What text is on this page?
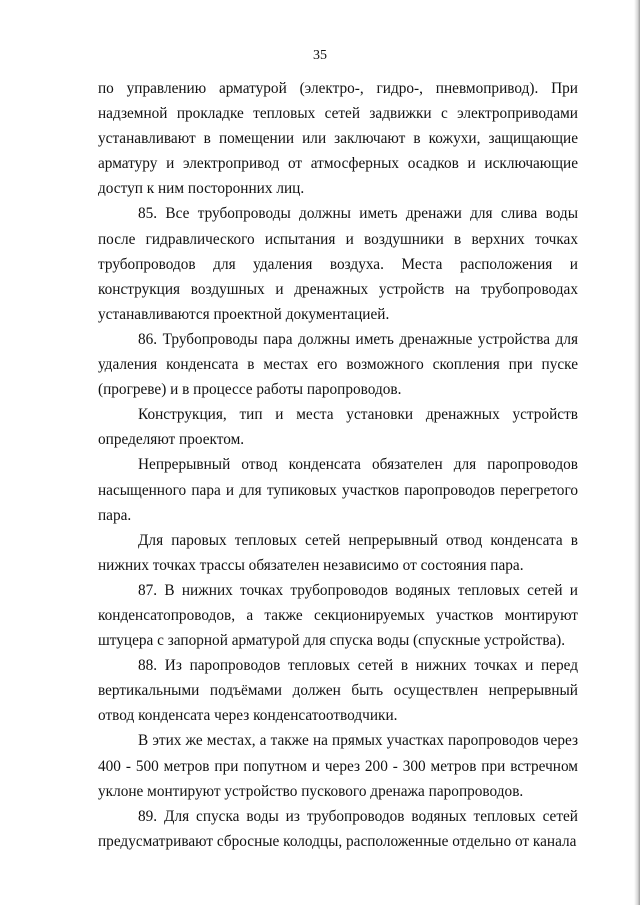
35

по управлению арматурой (электро-, гидро-, пневмопривод). При надземной прокладке тепловых сетей задвижки с электроприводами устанавливают в помещении или заключают в кожухи, защищающие арматуру и электропривод от атмосферных осадков и исключающие доступ к ним посторонних лиц.

85. Все трубопроводы должны иметь дренажи для слива воды после гидравлического испытания и воздушники в верхних точках трубопроводов для удаления воздуха. Места расположения и конструкция воздушных и дренажных устройств на трубопроводах устанавливаются проектной документацией.

86. Трубопроводы пара должны иметь дренажные устройства для удаления конденсата в местах его возможного скопления при пуске (прогреве) и в процессе работы паропроводов.

Конструкция, тип и места установки дренажных устройств определяют проектом.

Непрерывный отвод конденсата обязателен для паропроводов насыщенного пара и для тупиковых участков паропроводов перегретого пара.

Для паровых тепловых сетей непрерывный отвод конденсата в нижних точках трассы обязателен независимо от состояния пара.

87. В нижних точках трубопроводов водяных тепловых сетей и конденсатопроводов, а также секционируемых участков монтируют штуцера с запорной арматурой для спуска воды (спускные устройства).

88. Из паропроводов тепловых сетей в нижних точках и перед вертикальными подъёмами должен быть осуществлен непрерывный отвод конденсата через конденсатоотводчики.

В этих же местах, а также на прямых участках паропроводов через 400 - 500 метров при попутном и через 200 - 300 метров при встречном уклоне монтируют устройство пускового дренажа паропроводов.

89. Для спуска воды из трубопроводов водяных тепловых сетей предусматривают сбросные колодцы, расположенные отдельно от канала
